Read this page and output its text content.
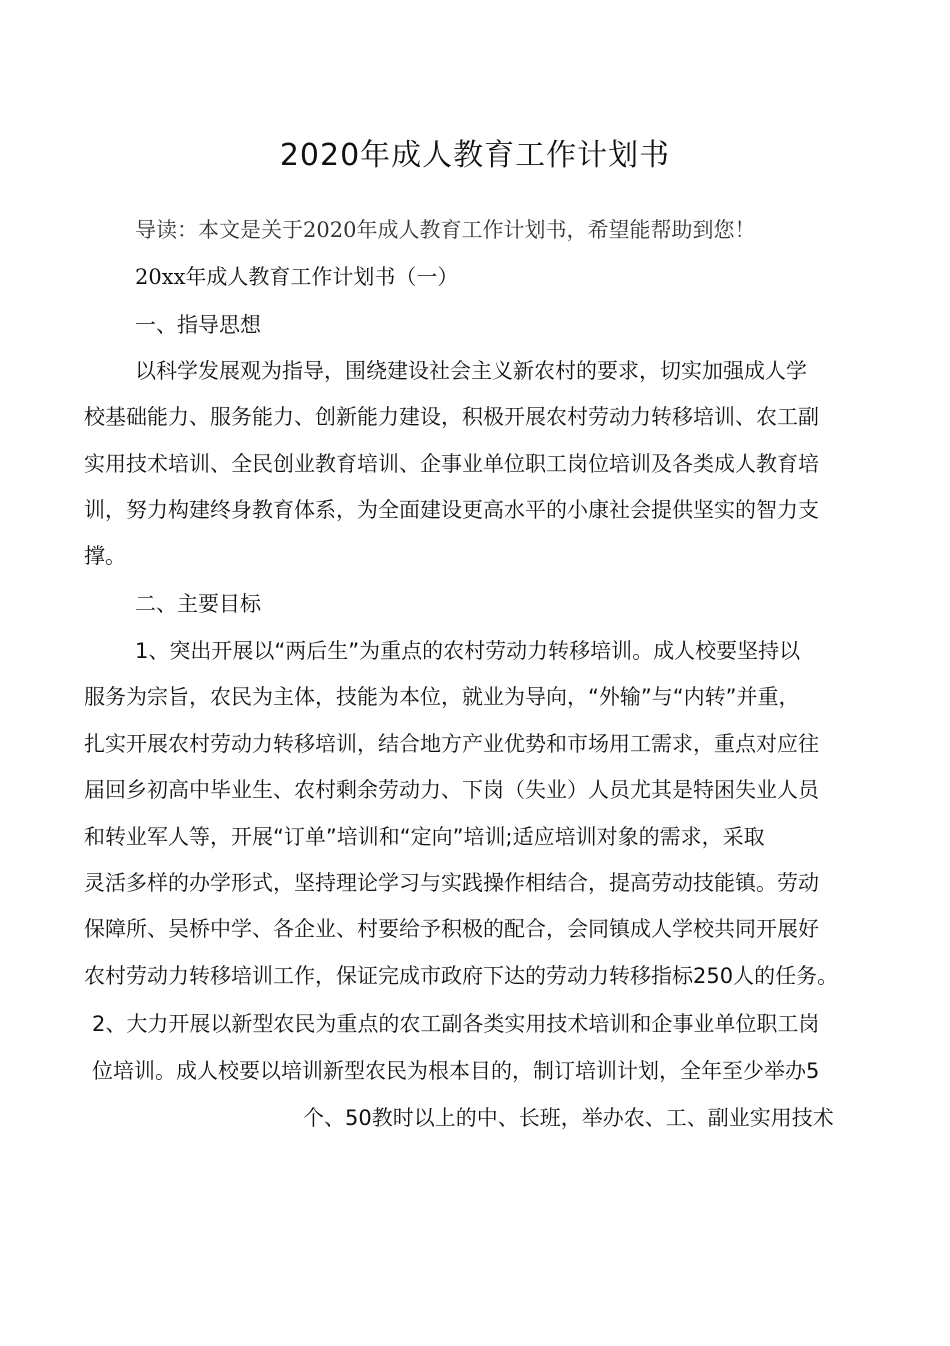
2020年成人教育工作计划书
导读：本文是关于2020年成人教育工作计划书，希望能帮助到您！
20xx年成人教育工作计划书（一）
一、指导思想
以科学发展观为指导，围绕建设社会主义新农村的要求，切实加强成人学
校基础能力、服务能力、创新能力建设，积极开展农村劳动力转移培训、农工副
实用技术培训、全民创业教育培训、企事业单位职工岗位培训及各类成人教育培
训，努力构建终身教育体系，为全面建设更高水平的小康社会提供坚实的智力支
撑。
二、主要目标
1、突出开展以“两后生”为重点的农村劳动力转移培训。成人校要坚持以
服务为宗旨，农民为主体，技能为本位，就业为导向，“外输”与“内转”并重，
扎实开展农村劳动力转移培训，结合地方产业优势和市场用工需求，重点对应往
届回乡初高中毕业生、农村剩余劳动力、下岗（失业）人员尤其是特困失业人员
和转业军人等，开展“订单”培训和“定向”培训;适应培训对象的需求，采取
灵活多样的办学形式，坚持理论学习与实践操作相结合，提高劳动技能镇。劳动
保障所、吴桥中学、各企业、村要给予积极的配合，会同镇成人学校共同开展好
农村劳动力转移培训工作，保证完成市政府下达的劳动力转移指标250人的任务。
2、大力开展以新型农民为重点的农工副各类实用技术培训和企事业单位职工岗
位培训。成人校要以培训新型农民为根本目的，制订培训计划，全年至少举办5
个、50教时以上的中、长班，举办农、工、副业实用技术
